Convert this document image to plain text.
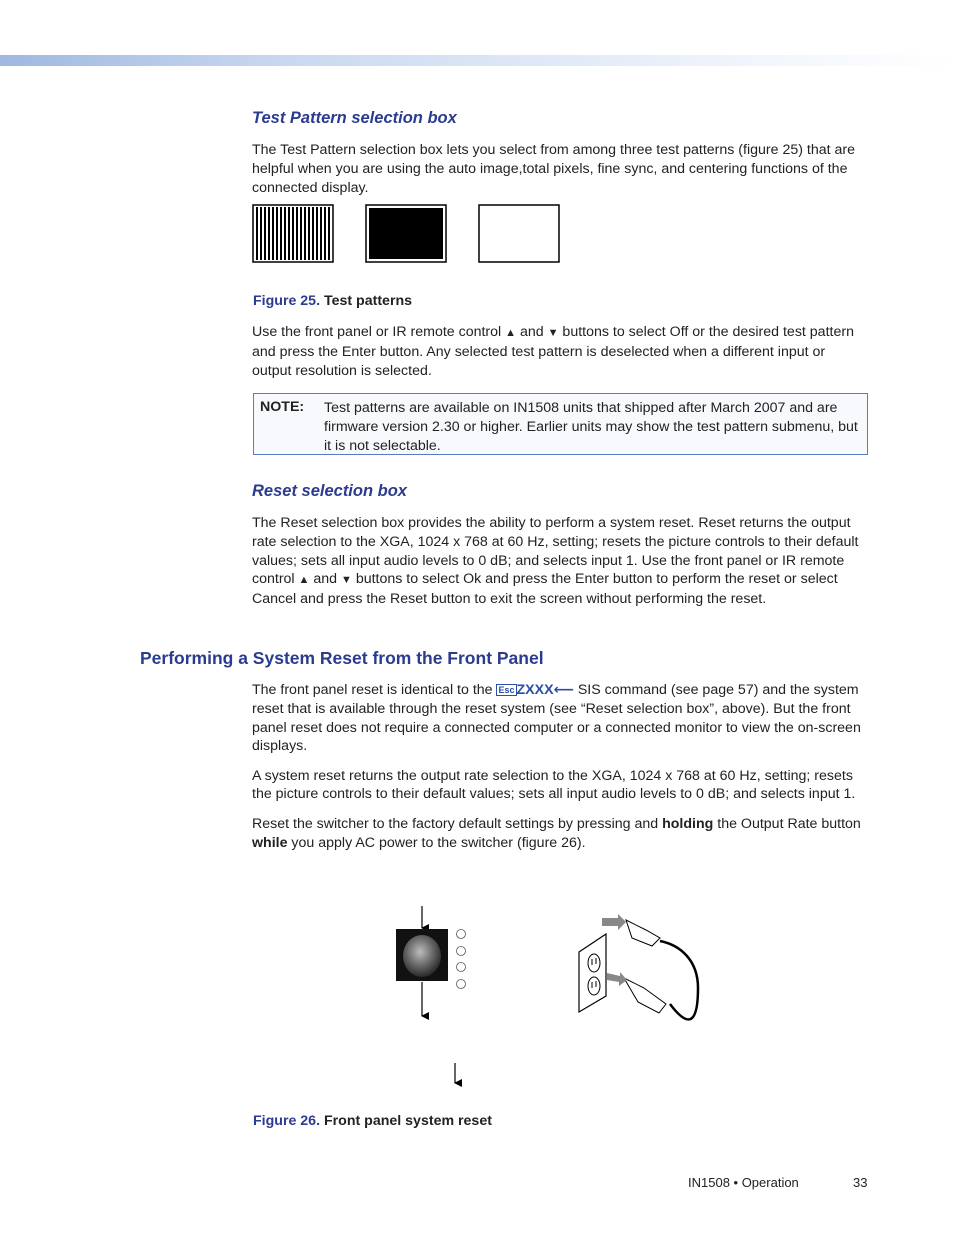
Test Pattern selection box

The Test Pattern selection box lets you select from among three test patterns (figure 25) that are helpful when you are using the auto image,total pixels, fine sync, and centering functions of the connected display.

Figure 25. Test patterns

Use the front panel or IR remote control ▲ and ▼ buttons to select Off or the desired test pattern and press the Enter button. Any selected test pattern is deselected when a different input or output resolution is selected.

NOTE: Test patterns are available on IN1508 units that shipped after March 2007 and are firmware version 2.30 or higher. Earlier units may show the test pattern submenu, but it is not selectable.
Reset selection box

The Reset selection box provides the ability to perform a system reset. Reset returns the output rate selection to the XGA, 1024 x 768 at 60 Hz, setting; resets the picture controls to their default values; sets all input audio levels to 0 dB; and selects input 1. Use the front panel or IR remote control ▲ and ▼ buttons to select Ok and press the Enter button to perform the reset or select Cancel and press the Reset button to exit the screen without performing the reset.

Performing a System Reset from the Front Panel

The front panel reset is identical to the Esc ZXXX⟵ SIS command (see page 57) and the system reset that is available through the reset system (see “Reset selection box”, above). But the front panel reset does not require a connected computer or a connected monitor to view the on-screen displays.

A system reset returns the output rate selection to the XGA, 1024 x 768 at 60 Hz, setting; resets the picture controls to their default values; sets all input audio levels to 0 dB; and selects input 1.

Reset the switcher to the factory default settings by pressing and holding the Output Rate button while you apply AC power to the switcher (figure 26).

Figure 26. Front panel system reset
IN1508 • Operation	33
